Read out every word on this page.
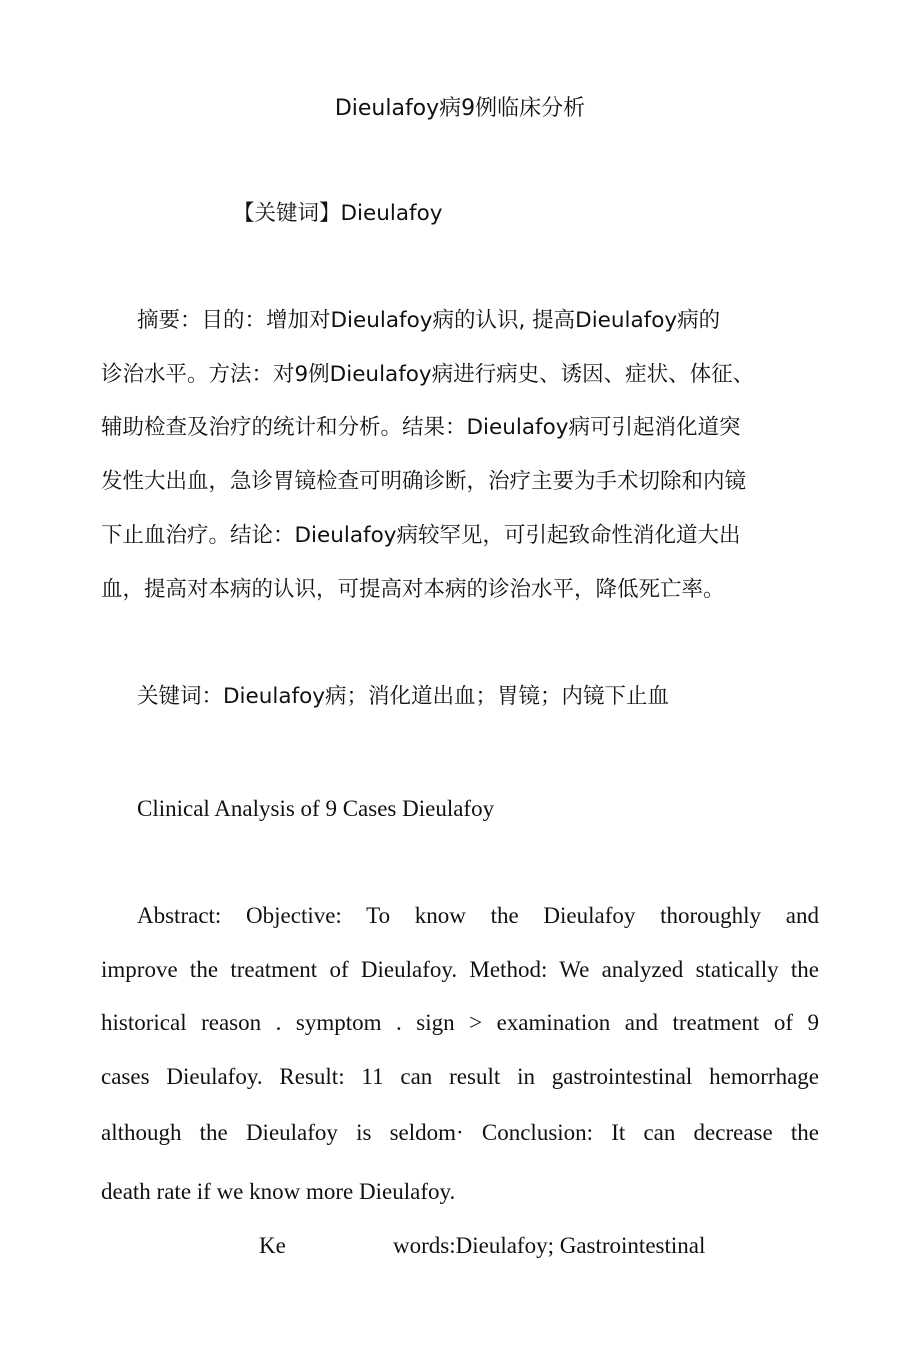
Dieulafoy病9例临床分析
【关键词】Dieulafoy
摘要：目的：增加对Dieulafoy病的认识, 提高Dieulafoy病的
诊治水平。方法：对9例Dieulafoy病进行病史、诱因、症状、体征、
辅助检查及治疗的统计和分析。结果：Dieulafoy病可引起消化道突
发性大出血，急诊胃镜检查可明确诊断，治疗主要为手术切除和内镜
下止血治疗。结论：Dieulafoy病较罕见，可引起致命性消化道大出
血，提高对本病的认识，可提高对本病的诊治水平，降低死亡率。
关键词：Dieulafoy病；消化道出血；胃镜；内镜下止血
Clinical Analysis of 9 Cases Dieulafoy
Abstract: Objective: To know the Dieulafoy thoroughly and
improve the treatment of Dieulafoy. Method: We analyzed statically the
historical reason . symptom . sign > examination and treatment of 9
cases Dieulafoy. Result: 11 can result in gastrointestinal hemorrhage
although the Dieulafoy is seldom· Conclusion: It can decrease the
death rate if we know more Dieulafoy.
Ke	words:Dieulafoy; Gastrointestinal
